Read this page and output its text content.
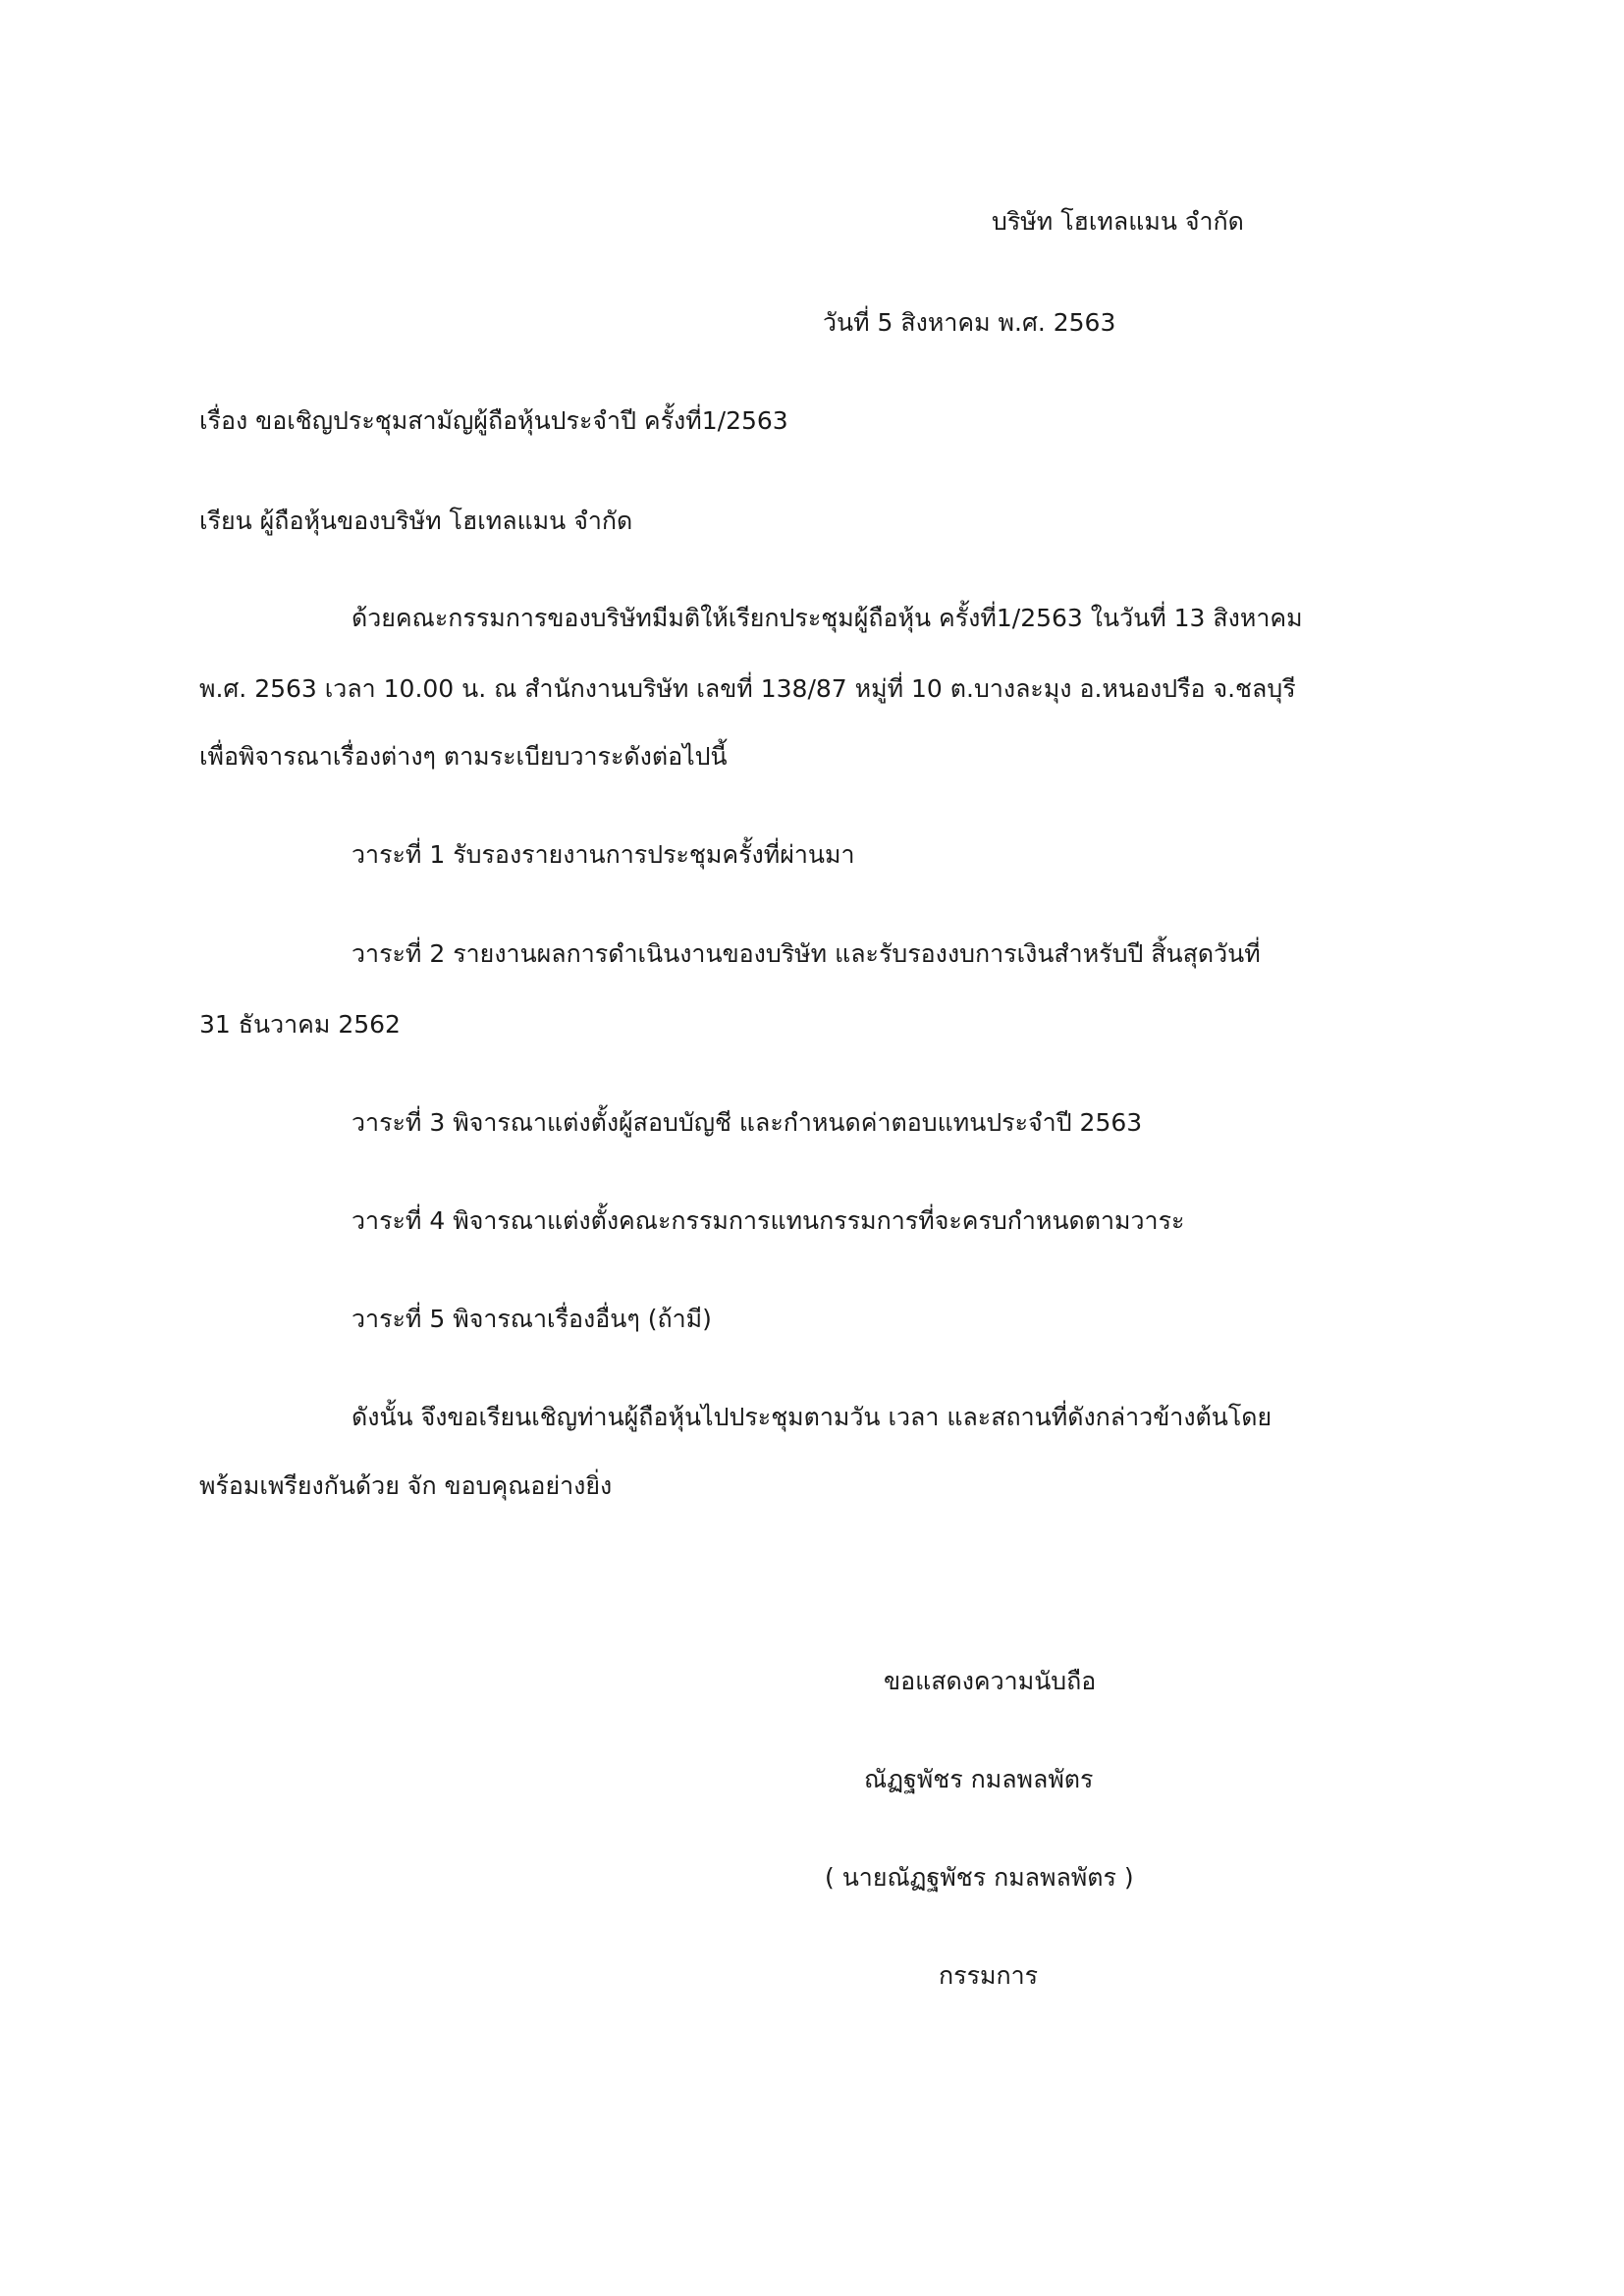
บริษัท โฮเทลแมน จำกัด
วันที่ 5 สิงหาคม พ.ศ. 2563
เรื่อง ขอเชิญประชุมสามัญผู้ถือหุ้นประจำปี ครั้งที่1/2563
เรียน ผู้ถือหุ้นของบริษัท โฮเทลแมน จำกัด
ด้วยคณะกรรมการของบริษัทมีมติให้เรียกประชุมผู้ถือหุ้น ครั้งที่1/2563 ในวันที่ 13 สิงหาคม
พ.ศ. 2563 เวลา 10.00 น. ณ สำนักงานบริษัท เลขที่ 138/87 หมู่ที่ 10 ต.บางละมุง อ.หนองปรือ จ.ชลบุรี
เพื่อพิจารณาเรื่องต่างๆ ตามระเบียบวาระดังต่อไปนี้
วาระที่ 1 รับรองรายงานการประชุมครั้งที่ผ่านมา
วาระที่ 2 รายงานผลการดำเนินงานของบริษัท และรับรองงบการเงินสำหรับปี สิ้นสุดวันที่
31 ธันวาคม 2562
วาระที่ 3 พิจารณาแต่งตั้งผู้สอบบัญชี และกำหนดค่าตอบแทนประจำปี 2563
วาระที่ 4 พิจารณาแต่งตั้งคณะกรรมการแทนกรรมการที่จะครบกำหนดตามวาระ
วาระที่ 5 พิจารณาเรื่องอื่นๆ (ถ้ามี)
ดังนั้น จึงขอเรียนเชิญท่านผู้ถือหุ้นไปประชุมตามวัน เวลา และสถานที่ดังกล่าวข้างต้นโดย
พร้อมเพรียงกันด้วย จัก ขอบคุณอย่างยิ่ง
ขอแสดงความนับถือ
ณัฏฐพัชร กมลพลพัตร
( นายณัฏฐพัชร กมลพลพัตร )
กรรมการ
